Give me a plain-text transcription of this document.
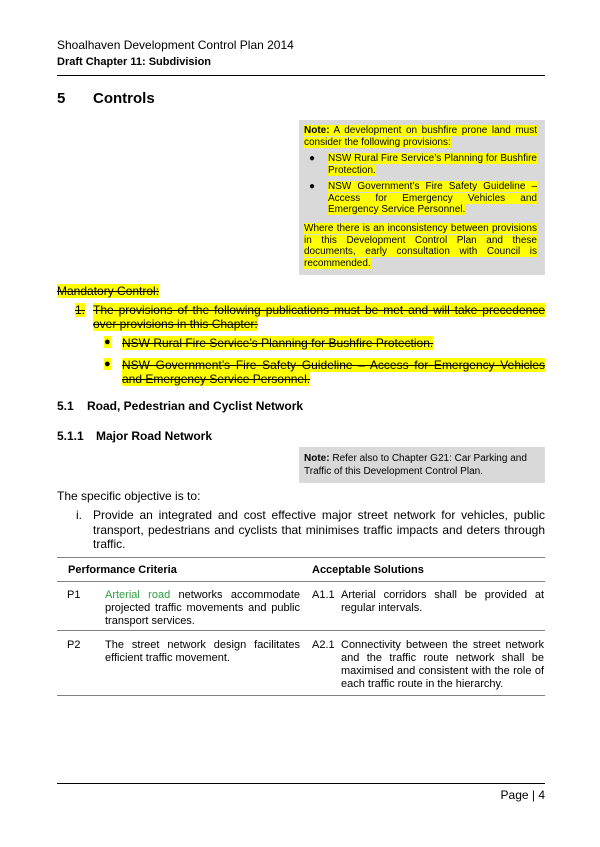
Shoalhaven Development Control Plan 2014
Draft Chapter 11: Subdivision
5 Controls
Note: A development on bushfire prone land must consider the following provisions:
● NSW Rural Fire Service’s Planning for Bushfire Protection.
● NSW Government’s Fire Safety Guideline – Access for Emergency Vehicles and Emergency Service Personnel.
Where there is an inconsistency between provisions in this Development Control Plan and these documents, early consultation with Council is recommended.
Mandatory Control:
1. The provisions of the following publications must be met and will take precedence over provisions in this Chapter:
● NSW Rural Fire Service’s Planning for Bushfire Protection.
● NSW Government’s Fire Safety Guideline – Access for Emergency Vehicles and Emergency Service Personnel.
5.1 Road, Pedestrian and Cyclist Network
5.1.1 Major Road Network
Note: Refer also to Chapter G21: Car Parking and Traffic of this Development Control Plan.
The specific objective is to:
i. Provide an integrated and cost effective major street network for vehicles, public transport, pedestrians and cyclists that minimises traffic impacts and deters through traffic.
Performance Criteria	Acceptable Solutions
P1 Arterial road networks accommodate projected traffic movements and public transport services.
A1.1 Arterial corridors shall be provided at regular intervals.
P2 The street network design facilitates efficient traffic movement.
A2.1 Connectivity between the street network and the traffic route network shall be maximised and consistent with the role of each traffic route in the hierarchy.
Page | 4
